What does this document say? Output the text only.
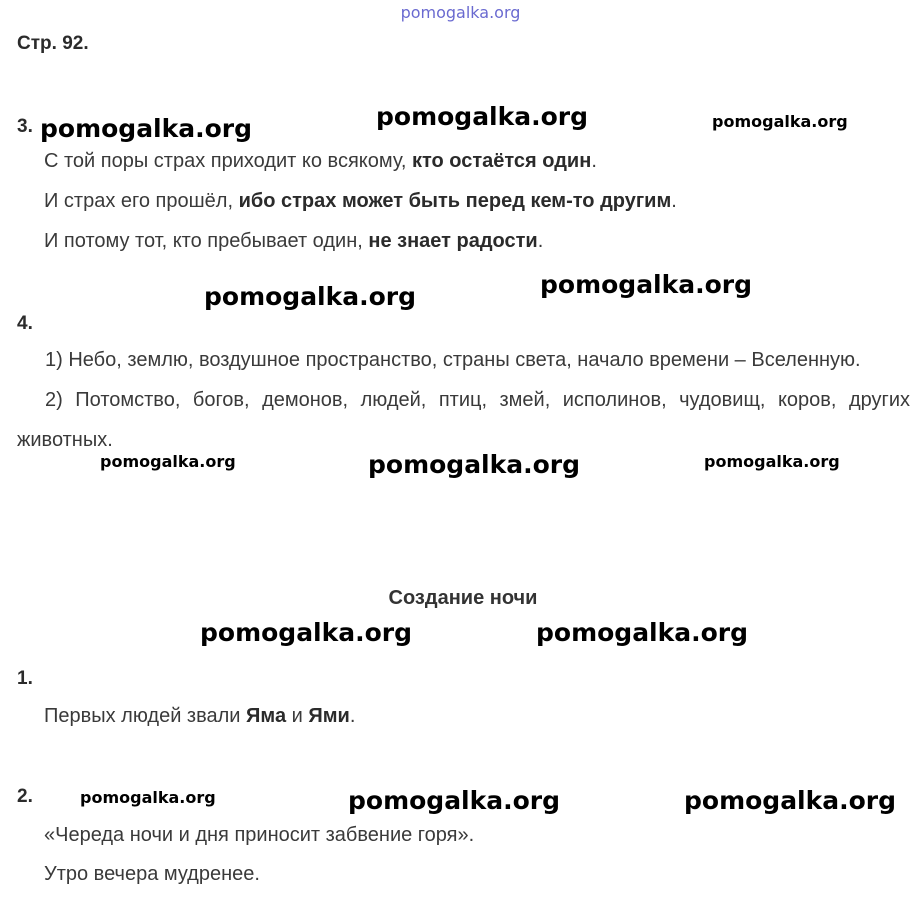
pomogalka.org
Стр. 92.
3.
С той поры страх приходит ко всякому, кто остаётся один.
И страх его прошёл, ибо страх может быть перед кем-то другим.
И потому тот, кто пребывает один, не знает радости.
4.

1) Небо, землю, воздушное пространство, страны света, начало времени – Вселенную.

2) Потомство, богов, демонов, людей, птиц, змей, исполинов, чудовищ, коров, других животных.

Создание ночи
1.
Первых людей звали Яма и Ями.
2.
«Череда ночи и дня приносит забвение горя».
Утро вечера мудренее.
pomogalka.org	pomogalka.org	pomogalka.org
pomogalka.org	pomogalka.org
pomogalka.org	pomogalka.org	pomogalka.org
pomogalka.org	pomogalka.org
pomogalka.org	pomogalka.org	pomogalka.org
